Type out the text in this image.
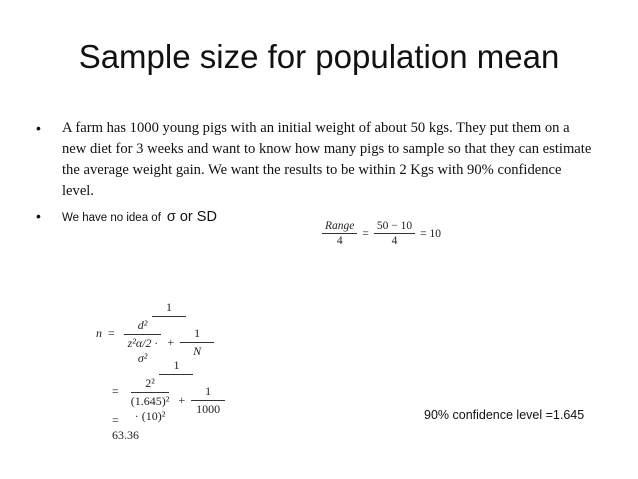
Sample size for population mean
• A farm has 1000 young pigs with an initial weight of about 50 kgs. They put them on a new diet for 3 weeks and want to know how many pigs to sample so that they can estimate the average weight gain. We want the results to be within 2 Kgs with 90% confidence level.
• We have no idea of σ or SD
$\frac{\text{Range}}{4} = \frac{50 - 10}{4} = 10$
n =
1
$\frac{\text{d²}}{\text{z²α/2 · σ²}} + \frac{1}{N}$
=
1
$\frac{\text{2²}}{\text{(1.645)² · (10)²}} + \frac{1}{1000}$
= 63.36
90% confidence level =1.645
